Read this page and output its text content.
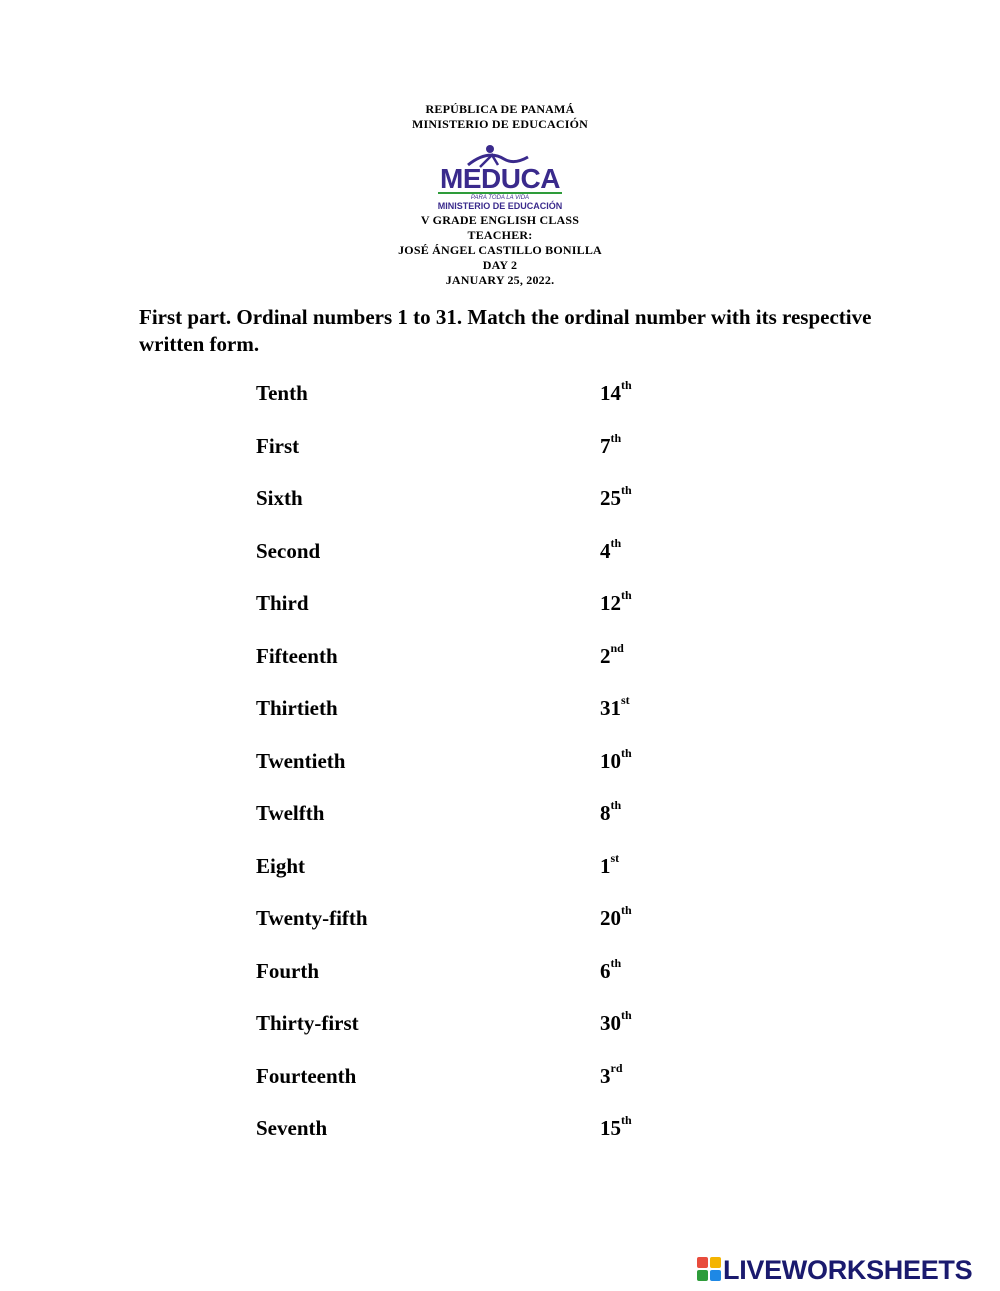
REPÚBLICA DE PANAMÁ
MINISTERIO DE EDUCACIÓN
MEDUCA
PARA TODA LA VIDA
MINISTERIO DE EDUCACIÓN
V GRADE ENGLISH CLASS
TEACHER:
JOSÉ ÁNGEL CASTILLO BONILLA
DAY 2
JANUARY 25, 2022.
First part. Ordinal numbers 1 to 31. Match the ordinal number with its respective written form.
Tenth	14th
First	7th
Sixth	25th
Second	4th
Third	12th
Fifteenth	2nd
Thirtieth	31st
Twentieth	10th
Twelfth	8th
Eight	1st
Twenty-fifth	20th
Fourth	6th
Thirty-first	30th
Fourteenth	3rd
Seventh	15th
LIVEWORKSHEETS
